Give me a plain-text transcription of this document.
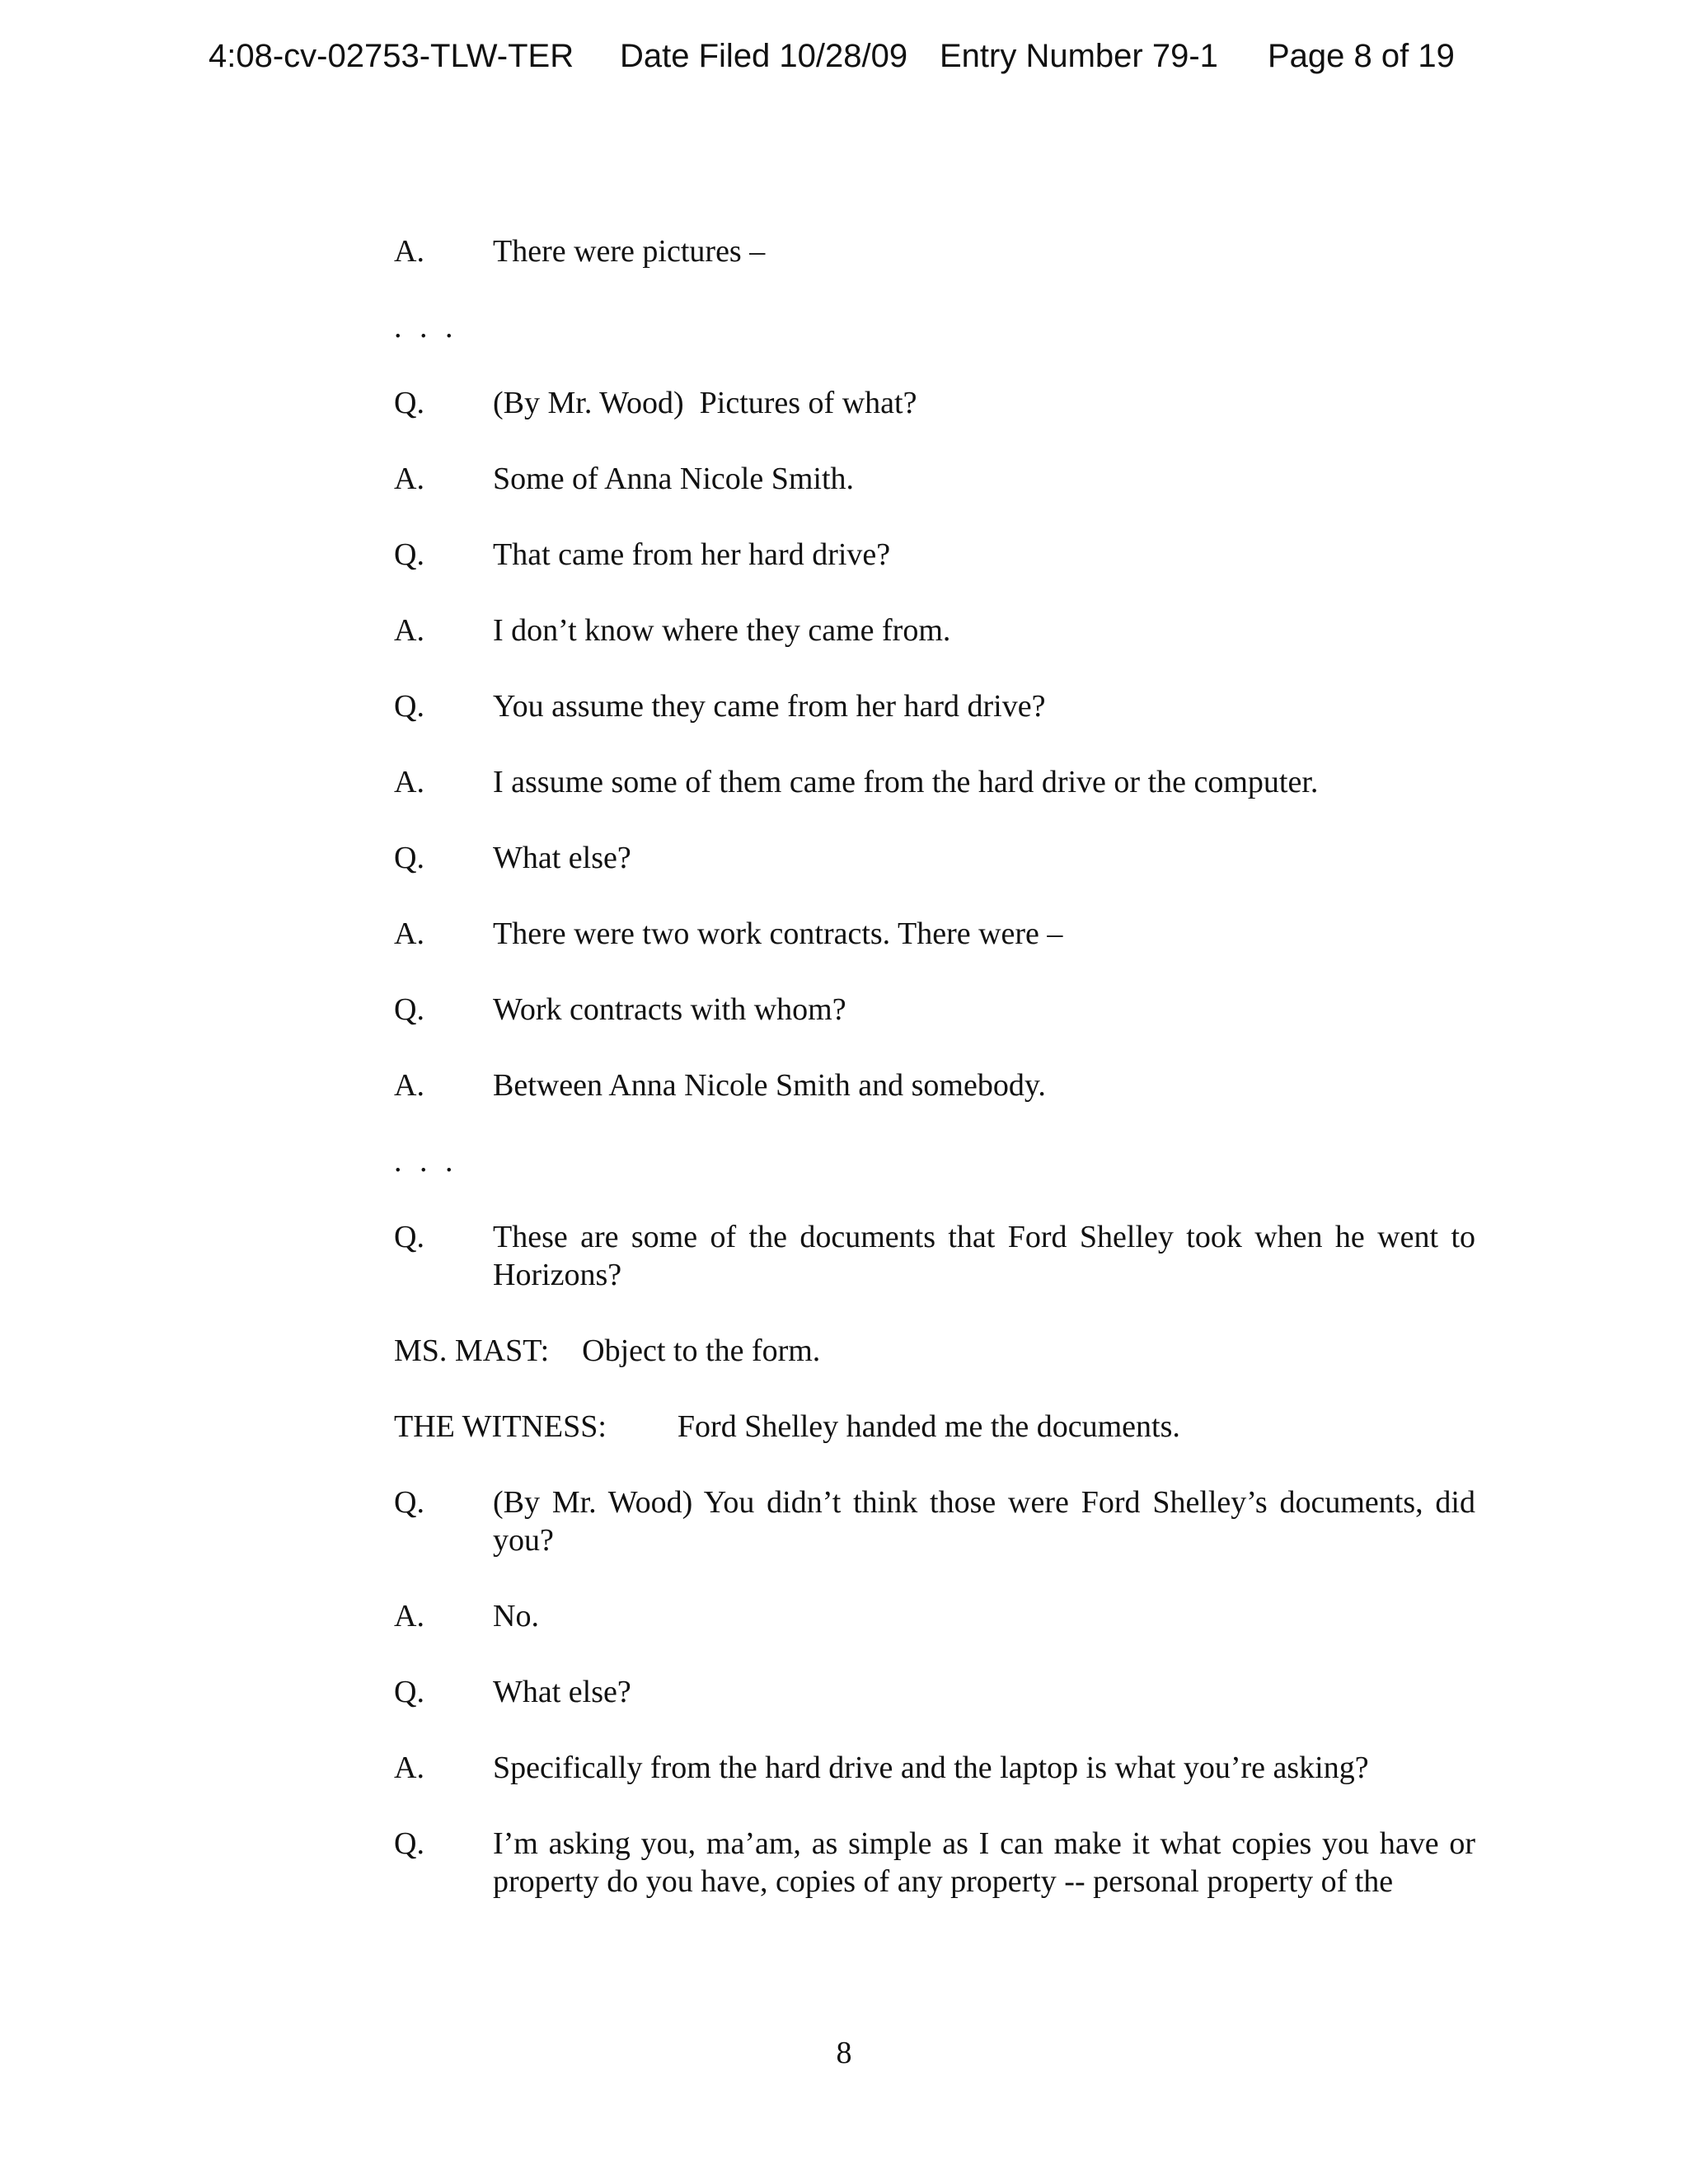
4:08-cv-02753-TLW-TER Date Filed 10/28/09 Entry Number 79-1 Page 8 of 19
A.	There were pictures –
. . .
Q.	(By Mr. Wood)  Pictures of what?
A.	Some of Anna Nicole Smith.
Q.	That came from her hard drive?
A.	I don’t know where they came from.
Q.	You assume they came from her hard drive?
A.	I assume some of them came from the hard drive or the computer.
Q.	What else?
A.	There were two work contracts. There were –
Q.	Work contracts with whom?
A.	Between Anna Nicole Smith and somebody.
. . .
Q.	These are some of the documents that Ford Shelley took when he went to Horizons?
MS. MAST: Object to the form.
THE WITNESS: Ford Shelley handed me the documents.
Q.	(By Mr. Wood) You didn’t think those were Ford Shelley’s documents, did you?
A.	No.
Q.	What else?
A.	Specifically from the hard drive and the laptop is what you’re asking?
Q.	I’m asking you, ma’am, as simple as I can make it what copies you have or property do you have, copies of any property -- personal property of the
8
